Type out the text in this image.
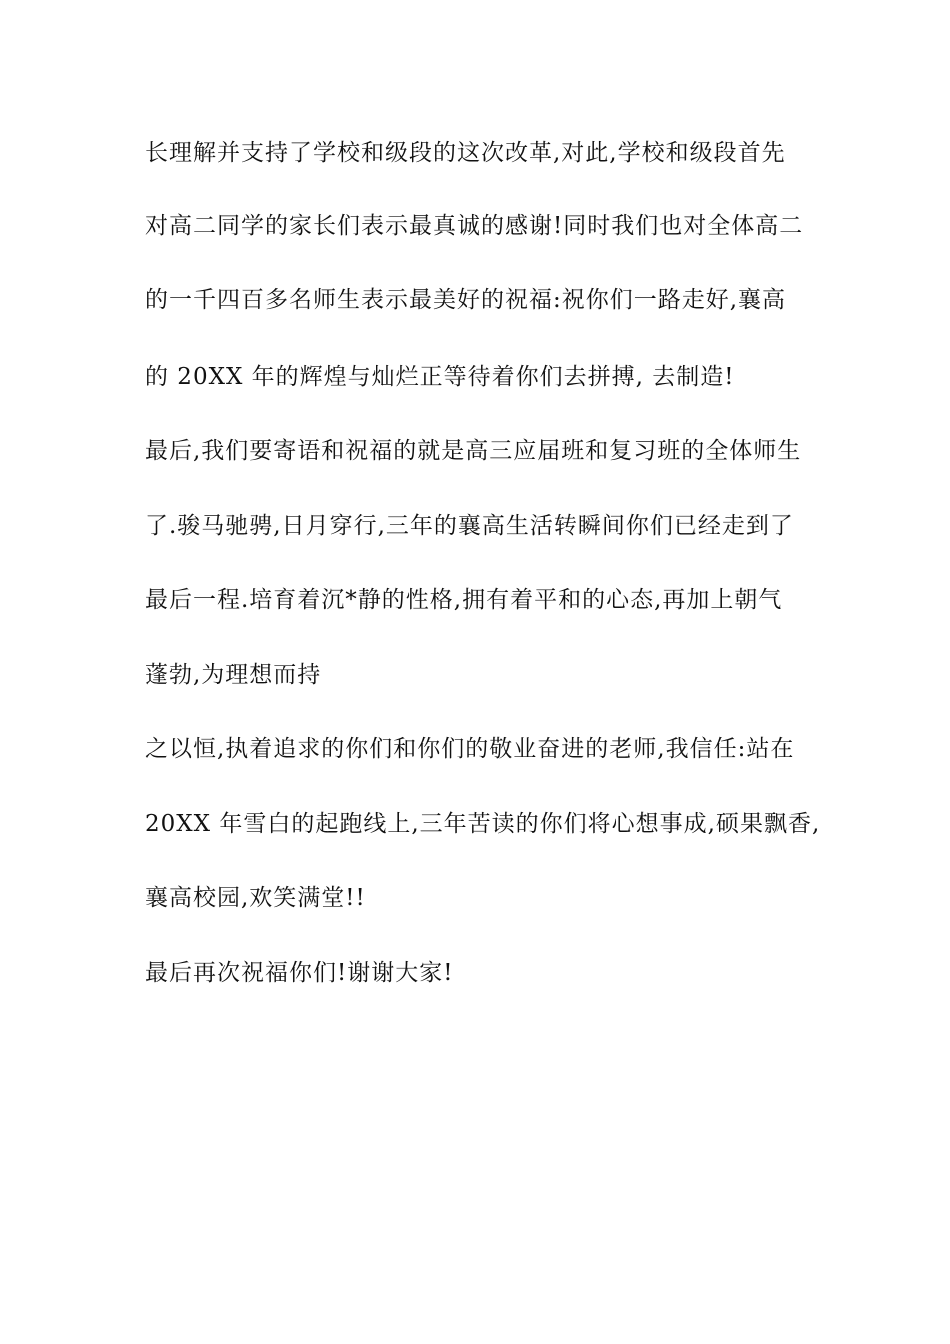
长理解并支持了学校和级段的这次改革,对此,学校和级段首先
对高二同学的家长们表示最真诚的感谢!同时我们也对全体高二
的一千四百多名师生表示最美好的祝福:祝你们一路走好,襄高
的 20XX 年的辉煌与灿烂正等待着你们去拼搏, 去制造!
最后,我们要寄语和祝福的就是高三应届班和复习班的全体师生
了.骏马驰骋,日月穿行,三年的襄高生活转瞬间你们已经走到了
最后一程.培育着沉*静的性格,拥有着平和的心态,再加上朝气
蓬勃,为理想而持
之以恒,执着追求的你们和你们的敬业奋进的老师,我信任:站在
20XX 年雪白的起跑线上,三年苦读的你们将心想事成,硕果飘香,
襄高校园,欢笑满堂!!
最后再次祝福你们!谢谢大家!
